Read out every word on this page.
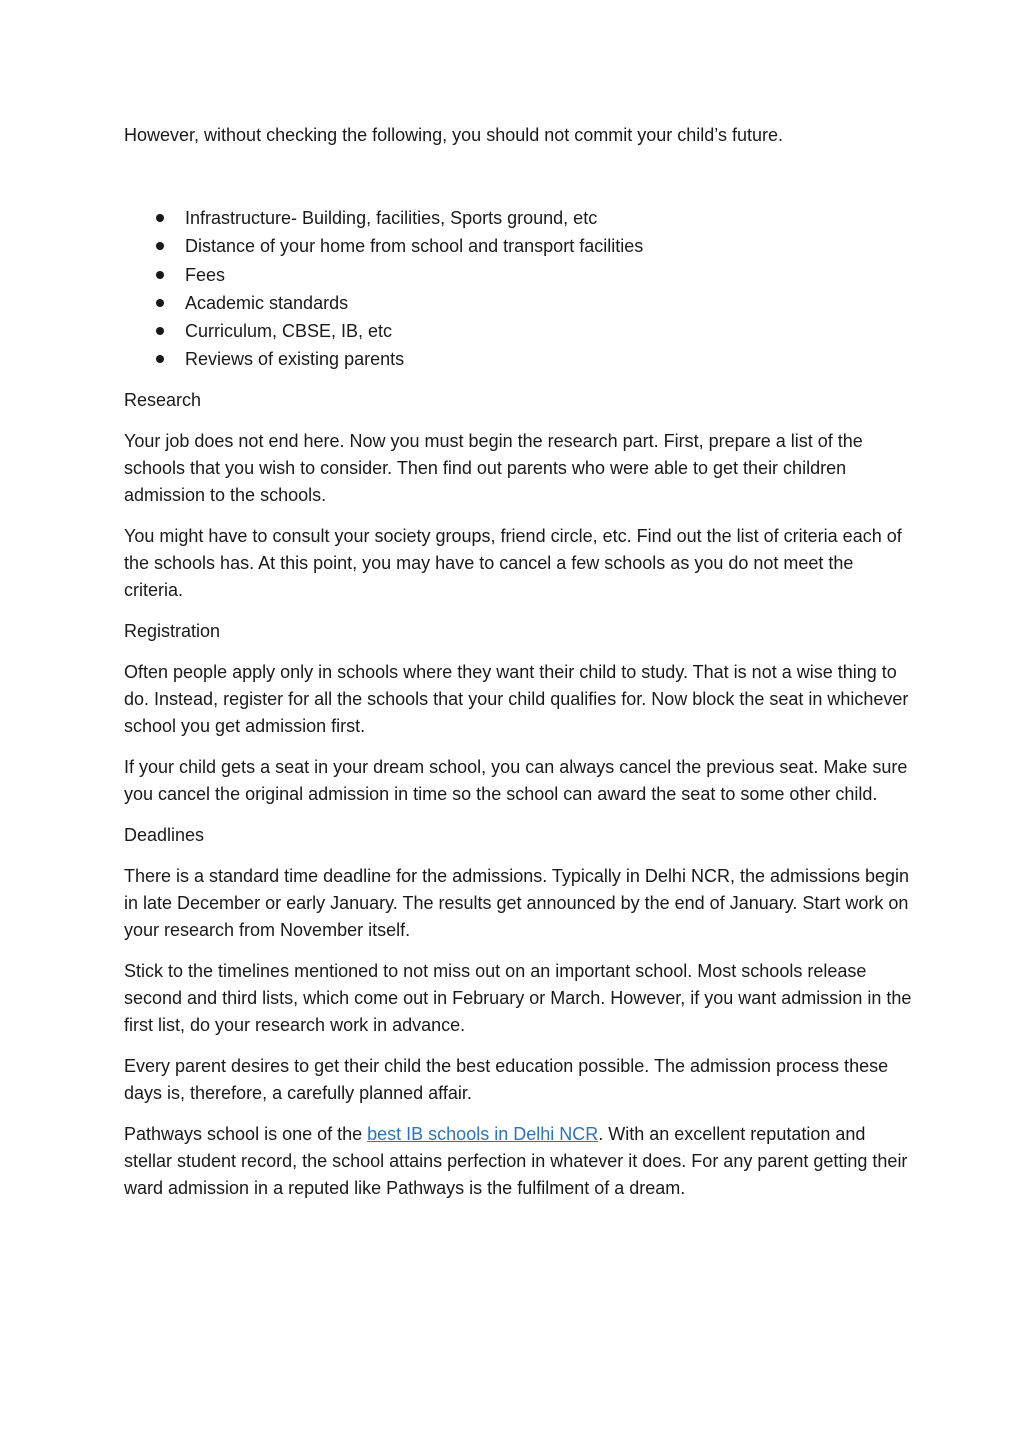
However, without checking the following, you should not commit your child’s future.

Infrastructure- Building, facilities, Sports ground, etc
Distance of your home from school and transport facilities
Fees
Academic standards
Curriculum, CBSE, IB, etc
Reviews of existing parents

Research

Your job does not end here. Now you must begin the research part. First, prepare a list of the schools that you wish to consider. Then find out parents who were able to get their children admission to the schools.

You might have to consult your society groups, friend circle, etc. Find out the list of criteria each of the schools has. At this point, you may have to cancel a few schools as you do not meet the criteria.

Registration

Often people apply only in schools where they want their child to study. That is not a wise thing to do. Instead, register for all the schools that your child qualifies for. Now block the seat in whichever school you get admission first.

If your child gets a seat in your dream school, you can always cancel the previous seat. Make sure you cancel the original admission in time so the school can award the seat to some other child.

Deadlines

There is a standard time deadline for the admissions. Typically in Delhi NCR, the admissions begin in late December or early January. The results get announced by the end of January. Start work on your research from November itself.

Stick to the timelines mentioned to not miss out on an important school. Most schools release second and third lists, which come out in February or March. However, if you want admission in the first list, do your research work in advance.

Every parent desires to get their child the best education possible. The admission process these days is, therefore, a carefully planned affair.

Pathways school is one of the best IB schools in Delhi NCR. With an excellent reputation and stellar student record, the school attains perfection in whatever it does. For any parent getting their ward admission in a reputed like Pathways is the fulfilment of a dream.
